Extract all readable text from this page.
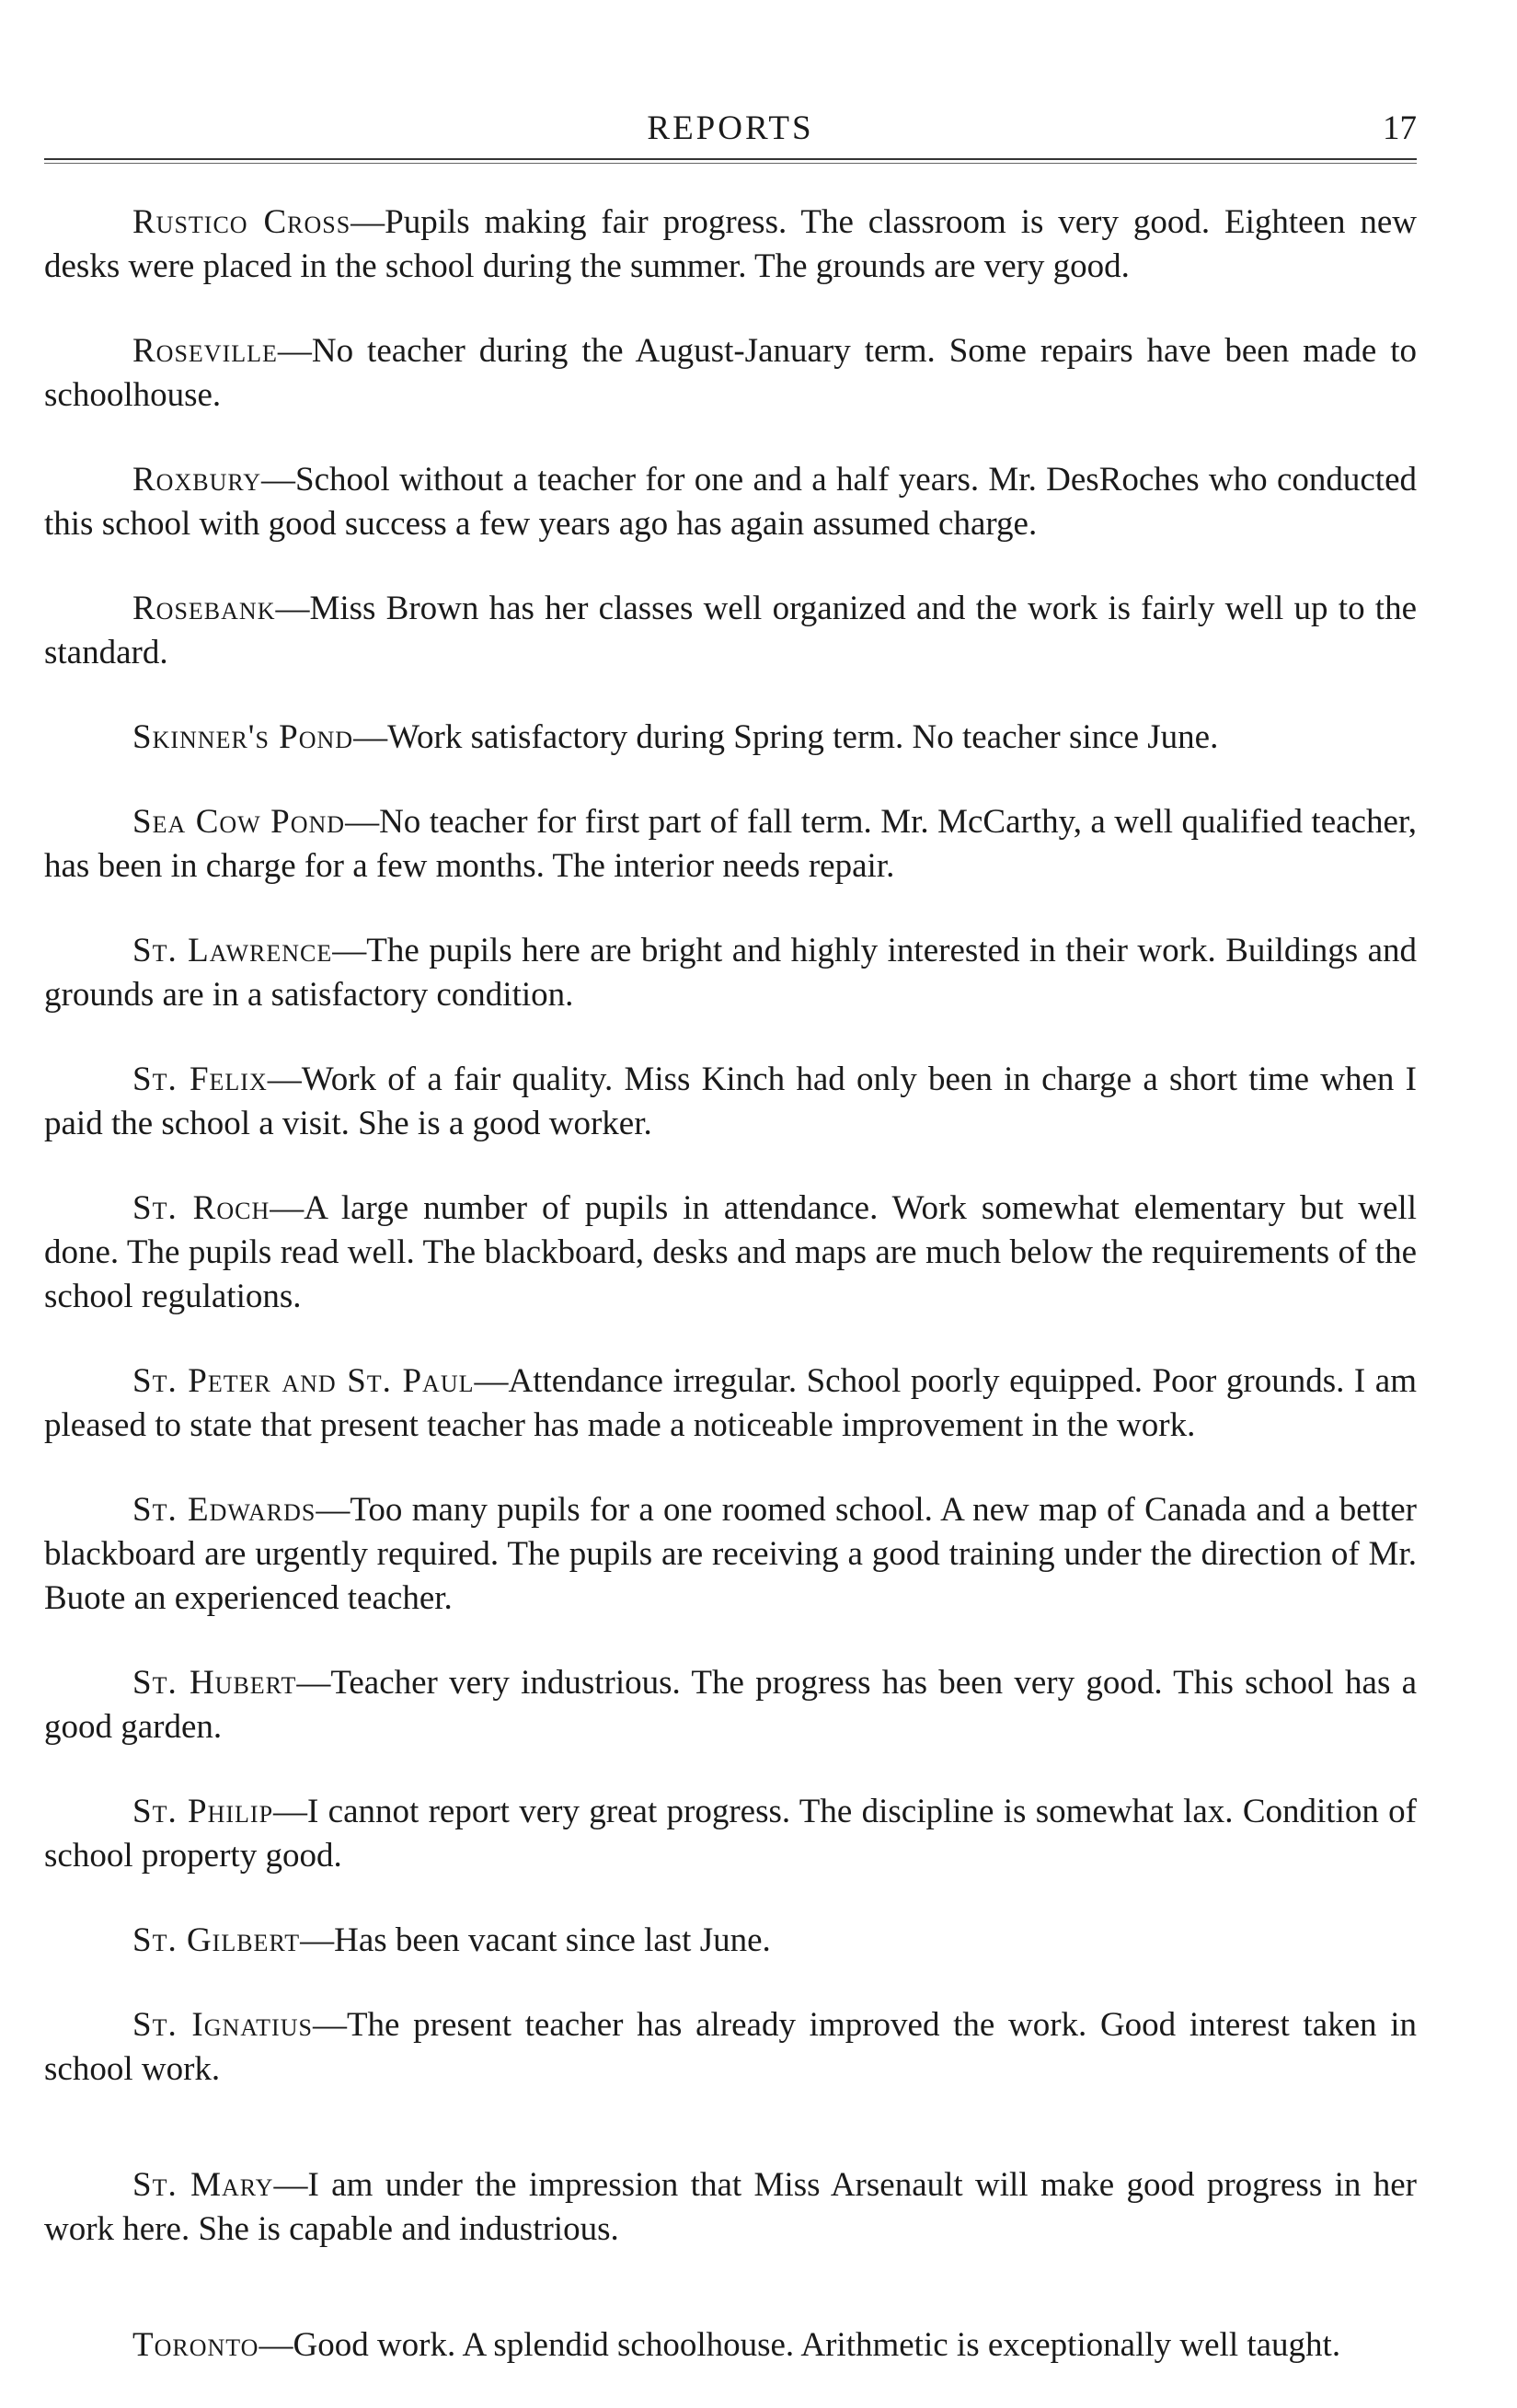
REPORTS	17

Rustico Cross—Pupils making fair progress. The classroom is very good. Eighteen new desks were placed in the school during the summer. The grounds are very good.

Roseville—No teacher during the August-January term. Some repairs have been made to schoolhouse.

Roxbury—School without a teacher for one and a half years. Mr. DesRoches who conducted this school with good success a few years ago has again assumed charge.

Rosebank—Miss Brown has her classes well organized and the work is fairly well up to the standard.

Skinner's Pond—Work satisfactory during Spring term. No teacher since June.

Sea Cow Pond—No teacher for first part of fall term. Mr. McCarthy, a well qualified teacher, has been in charge for a few months. The interior needs repair.

St. Lawrence—The pupils here are bright and highly interested in their work. Buildings and grounds are in a satisfactory condition.

St. Felix—Work of a fair quality. Miss Kinch had only been in charge a short time when I paid the school a visit. She is a good worker.

St. Roch—A large number of pupils in attendance. Work somewhat elementary but well done. The pupils read well. The blackboard, desks and maps are much below the requirements of the school regulations.

St. Peter and St. Paul—Attendance irregular. School poorly equipped. Poor grounds. I am pleased to state that present teacher has made a noticeable improvement in the work.

St. Edwards—Too many pupils for a one roomed school. A new map of Canada and a better blackboard are urgently required. The pupils are receiving a good training under the direction of Mr. Buote an experienced teacher.

St. Hubert—Teacher very industrious. The progress has been very good. This school has a good garden.

St. Philip—I cannot report very great progress. The discipline is somewhat lax. Condition of school property good.

St. Gilbert—Has been vacant since last June.

St. Ignatius—The present teacher has already improved the work. Good interest taken in school work.

St. Mary—I am under the impression that Miss Arsenault will make good progress in her work here. She is capable and industrious.

Toronto—Good work. A splendid schoolhouse. Arithmetic is exceptionally well taught.
